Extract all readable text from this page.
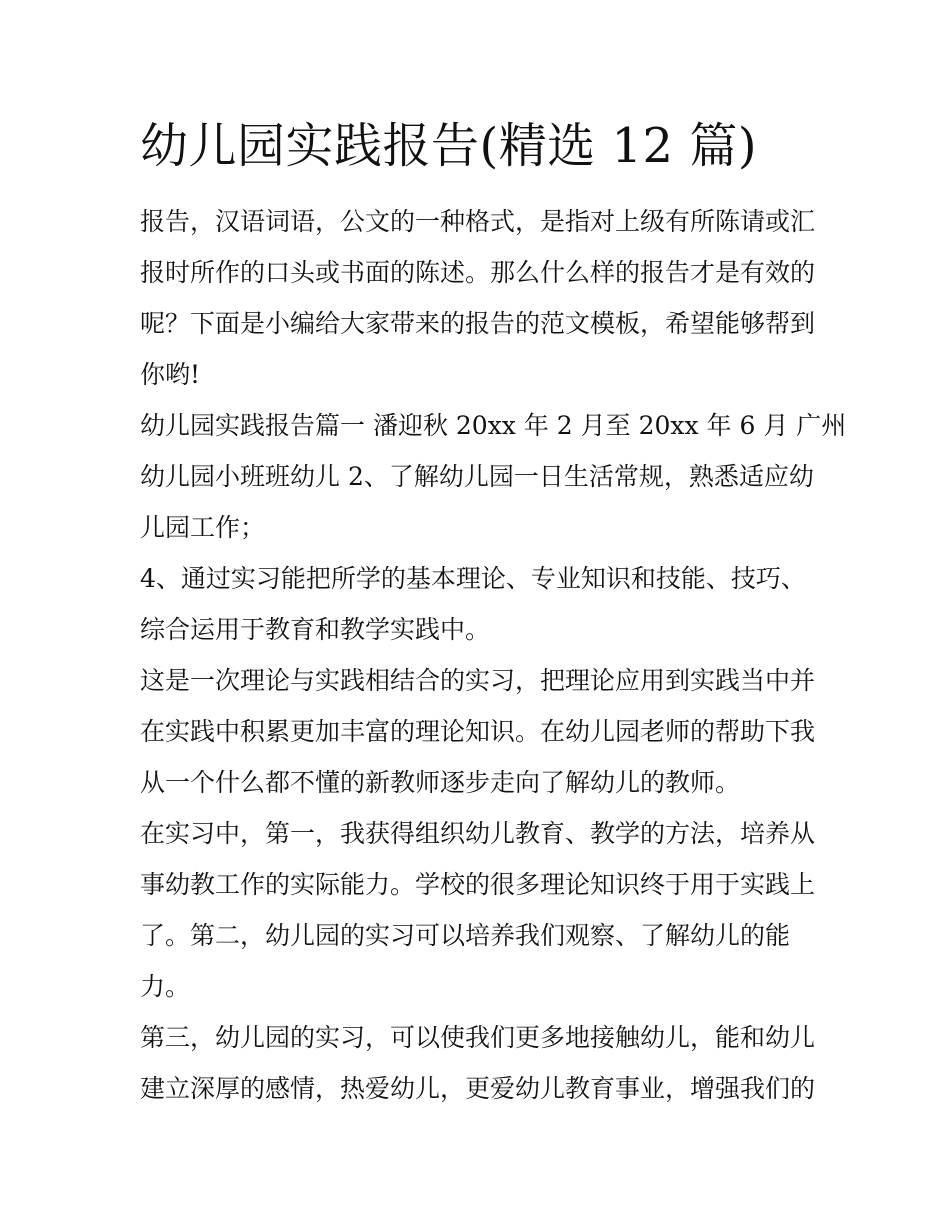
幼儿园实践报告(精选 12 篇)

报告，汉语词语，公文的一种格式，是指对上级有所陈请或汇
报时所作的口头或书面的陈述。那么什么样的报告才是有效的
呢？下面是小编给大家带来的报告的范文模板，希望能够帮到
你哟!

幼儿园实践报告篇一 潘迎秋 20xx 年 2 月至 20xx 年 6 月 广州
幼儿园小班班幼儿 2、了解幼儿园一日生活常规，熟悉适应幼
儿园工作；

4、通过实习能把所学的基本理论、专业知识和技能、技巧、
综合运用于教育和教学实践中。

这是一次理论与实践相结合的实习，把理论应用到实践当中并
在实践中积累更加丰富的理论知识。在幼儿园老师的帮助下我
从一个什么都不懂的新教师逐步走向了解幼儿的教师。

在实习中，第一，我获得组织幼儿教育、教学的方法，培养从
事幼教工作的实际能力。学校的很多理论知识终于用于实践上
了。第二，幼儿园的实习可以培养我们观察、了解幼儿的能
力。

第三，幼儿园的实习，可以使我们更多地接触幼儿，能和幼儿
建立深厚的感情，热爱幼儿，更爱幼儿教育事业，增强我们的
